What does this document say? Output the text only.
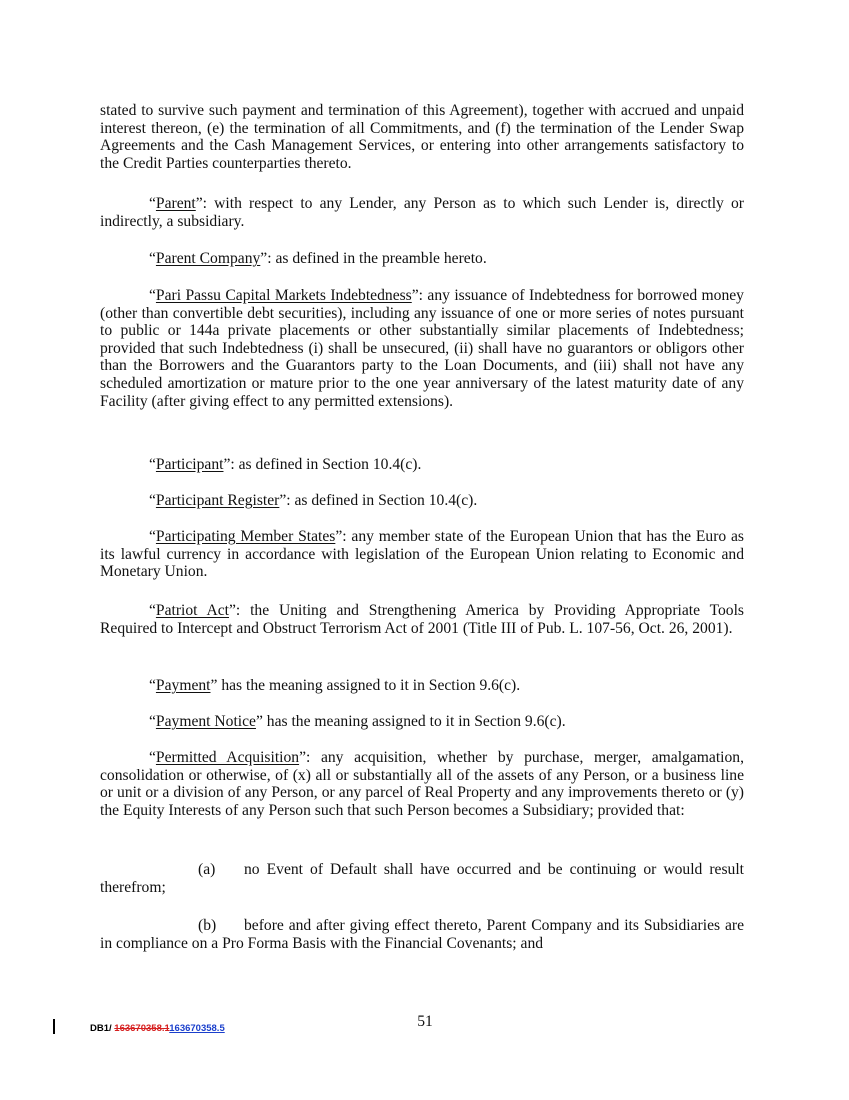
stated to survive such payment and termination of this Agreement), together with accrued and unpaid interest thereon, (e) the termination of all Commitments, and (f) the termination of the Lender Swap Agreements and the Cash Management Services, or entering into other arrangements satisfactory to the Credit Parties counterparties thereto.

“Parent”: with respect to any Lender, any Person as to which such Lender is, directly or indirectly, a subsidiary.

“Parent Company”: as defined in the preamble hereto.

“Pari Passu Capital Markets Indebtedness”: any issuance of Indebtedness for borrowed money (other than convertible debt securities), including any issuance of one or more series of notes pursuant to public or 144a private placements or other substantially similar placements of Indebtedness; provided that such Indebtedness (i) shall be unsecured, (ii) shall have no guarantors or obligors other than the Borrowers and the Guarantors party to the Loan Documents, and (iii) shall not have any scheduled amortization or mature prior to the one year anniversary of the latest maturity date of any Facility (after giving effect to any permitted extensions).

“Participant”: as defined in Section 10.4(c).

“Participant Register”: as defined in Section 10.4(c).

“Participating Member States”: any member state of the European Union that has the Euro as its lawful currency in accordance with legislation of the European Union relating to Economic and Monetary Union.

“Patriot Act”: the Uniting and Strengthening America by Providing Appropriate Tools Required to Intercept and Obstruct Terrorism Act of 2001 (Title III of Pub. L. 107-56, Oct. 26, 2001).

“Payment” has the meaning assigned to it in Section 9.6(c).

“Payment Notice” has the meaning assigned to it in Section 9.6(c).

“Permitted Acquisition”: any acquisition, whether by purchase, merger, amalgamation, consolidation or otherwise, of (x) all or substantially all of the assets of any Person, or a business line or unit or a division of any Person, or any parcel of Real Property and any improvements thereto or (y) the Equity Interests of any Person such that such Person becomes a Subsidiary; provided that:

(a) no Event of Default shall have occurred and be continuing or would result therefrom;

(b) before and after giving effect thereto, Parent Company and its Subsidiaries are in compliance on a Pro Forma Basis with the Financial Covenants; and

DB1/ 163670358.1163670358.5	51
